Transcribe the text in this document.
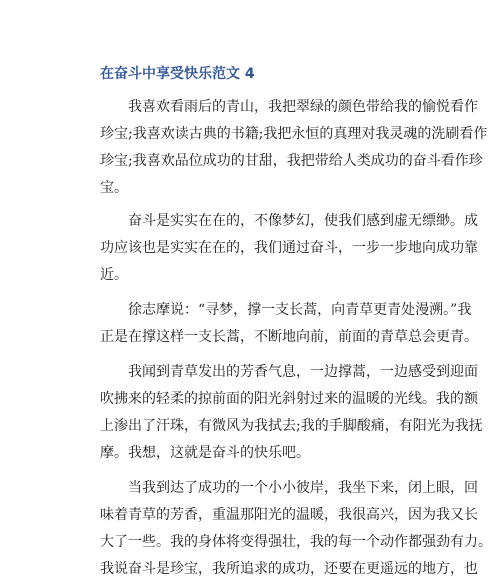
在奋斗中享受快乐范文 4
　　我喜欢看雨后的青山，我把翠绿的颜色带给我的愉悦看作
珍宝;我喜欢读古典的书籍;我把永恒的真理对我灵魂的洗刷看作
珍宝;我喜欢品位成功的甘甜，我把带给人类成功的奋斗看作珍
宝。
　　奋斗是实实在在的，不像梦幻，使我们感到虚无缥缈。成
功应该也是实实在在的，我们通过奋斗，一步一步地向成功靠
近。
　　徐志摩说：“寻梦，撑一支长蒿，向青草更青处漫溯。”我
正是在撑这样一支长蒿，不断地向前，前面的青草总会更青。
　　我闻到青草发出的芳香气息，一边撑蒿，一边感受到迎面
吹拂来的轻柔的掠前面的阳光斜射过来的温暖的光线。我的额
上渗出了汗珠，有微风为我拭去;我的手脚酸痛，有阳光为我抚
摩。我想，这就是奋斗的快乐吧。
　　当我到达了成功的一个小小彼岸，我坐下来，闭上眼，回
味着青草的芳香，重温那阳光的温暖，我很高兴，因为我又长
大了一些。我的身体将变得强壮，我的每一个动作都强劲有力。
我说奋斗是珍宝，我所追求的成功，还要在更遥远的地方，也
